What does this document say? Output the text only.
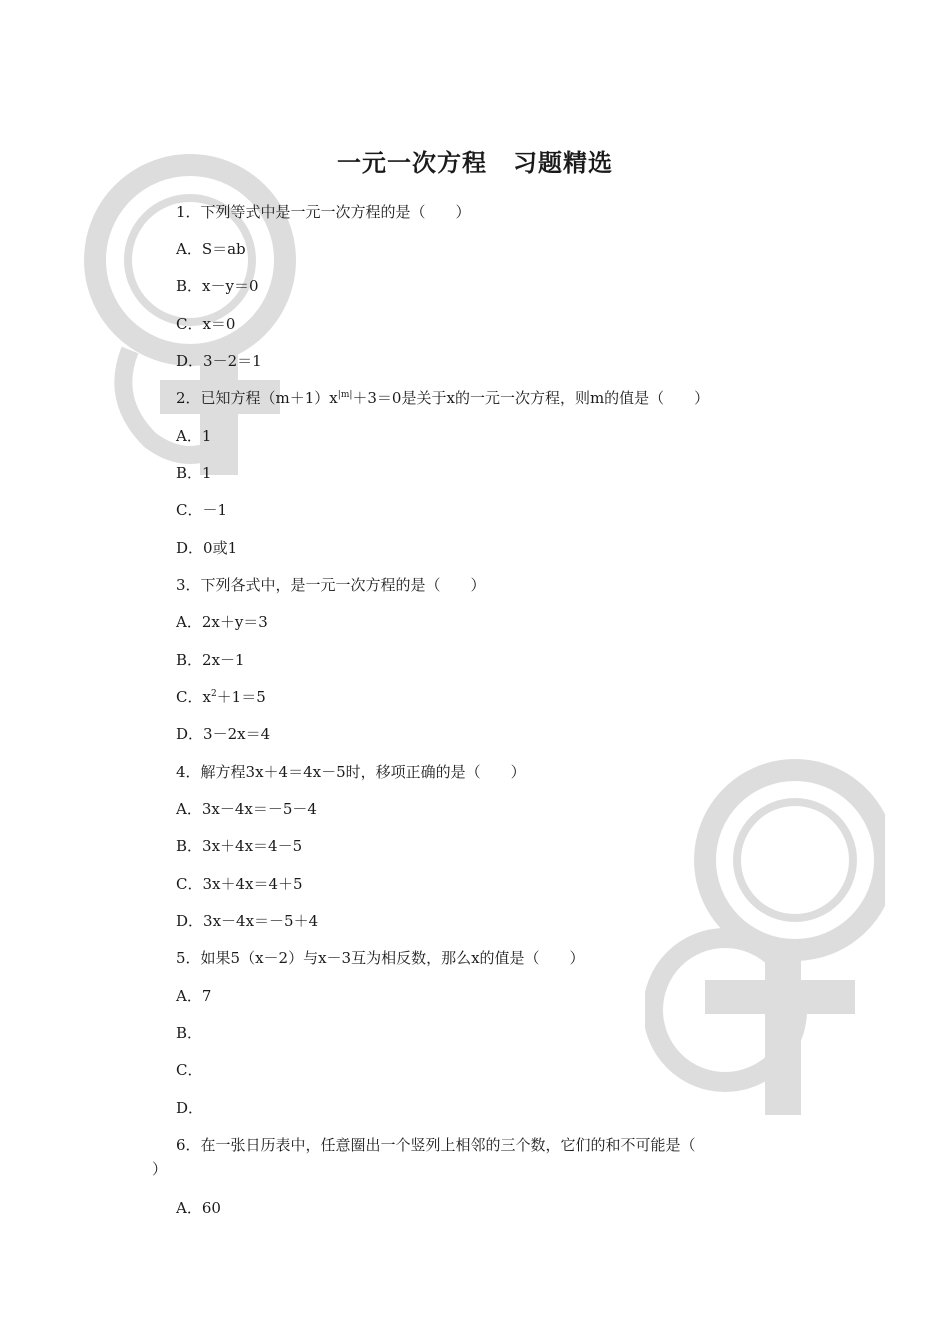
一元一次方程 习题精选
1．下列等式中是一元一次方程的是（　　）
A．S＝ab
B．x－y＝0
C．x＝0
D．3－2＝1
2．已知方程$(m+1)x^{|m|}+3=0$是关于x的一元一次方程，则m的值是（　　）
A．1
B．1
C．－1
D．0或1
3．下列各式中，是一元一次方程的是（　　）
A．2x＋y＝3
B．2x－1
C．$x^2+1=5$
D．3－2x＝4
4．解方程3x＋4＝4x－5时，移项正确的是（　　）
A．3x－4x＝－5－4
B．3x＋4x＝4－5
C．3x＋4x＝4＋5
D．3x－4x＝－5＋4
5．如果5（x－2）与x－3互为相反数，那么x的值是（　　）
A．7
B．
C．
D．
6．在一张日历表中，任意圈出一个竖列上相邻的三个数，它们的和不可能是（
）
A．60
